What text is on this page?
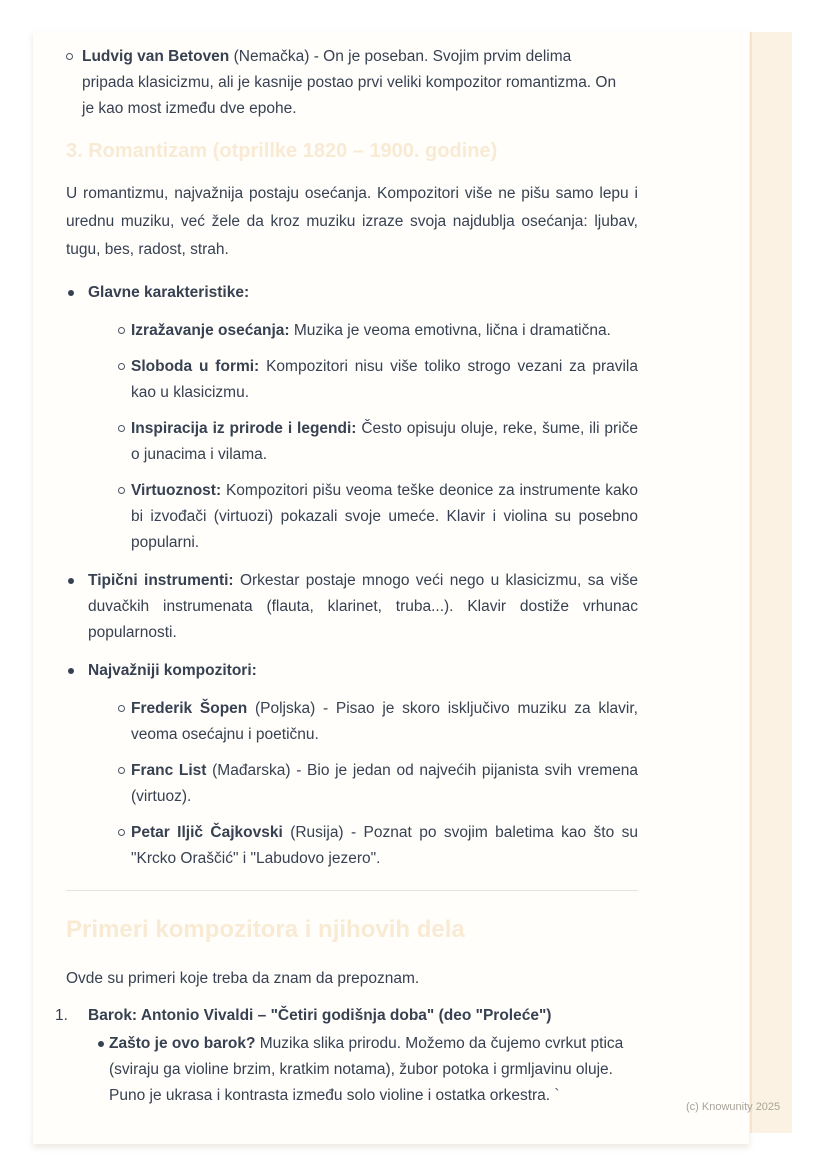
Ludvig van Betoven (Nemačka) - On je poseban. Svojim prvim delima pripada klasicizmu, ali je kasnije postao prvi veliki kompozitor romantizma. On je kao most između dve epohe.
3. Romantizam (otprillke 1820 – 1900. godine)

U romantizmu, najvažnija postaju osećanja. Kompozitori više ne pišu samo lepu i urednu muziku, već žele da kroz muziku izraze svoja najdublja osećanja: ljubav, tugu, bes, radost, strah.

Glavne karakteristike:
Izražavanje osećanja: Muzika je veoma emotivna, lična i dramatična.
Sloboda u formi: Kompozitori nisu više toliko strogo vezani za pravila kao u klasicizmu.
Inspiracija iz prirode i legendi: Često opisuju oluje, reke, šume, ili priče o junacima i vilama.
Virtuoznost: Kompozitori pišu veoma teške deonice za instrumente kako bi izvođači (virtuozi) pokazali svoje umeće. Klavir i violina su posebno popularni.
Tipični instrumenti: Orkestar postaje mnogo veći nego u klasicizmu, sa više duvačkih instrumenata (flauta, klarinet, truba...). Klavir dostiže vrhunac popularnosti.
Najvažniji kompozitori:
Frederik Šopen (Poljska) - Pisao je skoro isključivo muziku za klavir, veoma osećajnu i poetičnu.
Franc List (Mađarska) - Bio je jedan od najvećih pijanista svih vremena (virtuoz).
Petar Iljič Čajkovski (Rusija) - Poznat po svojim baletima kao što su "Krcko Oraščić" i "Labudovo jezero".
Primeri kompozitora i njihovih dela

Ovde su primeri koje treba da znam da prepoznam.

1. Barok: Antonio Vivaldi – "Četiri godišnja doba" (deo "Proleće")
Zašto je ovo barok? Muzika slika prirodu. Možemo da čujemo cvrkut ptica (sviraju ga violine brzim, kratkim notama), žubor potoka i grmljavinu oluje. Puno je ukrasa i kontrasta između solo violine i ostatka orkestra. `
(c) Knowunity 2025
